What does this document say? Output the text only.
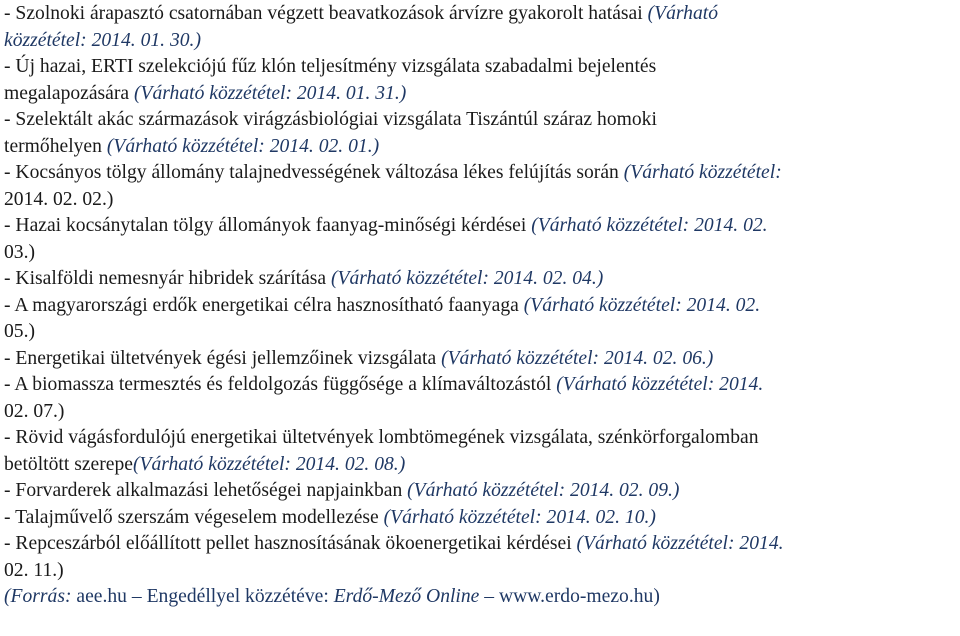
- Szolnoki árapasztó csatornában végzett beavatkozások árvízre gyakorolt hatásai (Várható
közzététel: 2014. 01. 30.)
- Új hazai, ERTI szelekciójú fűz klón teljesítmény vizsgálata szabadalmi bejelentés
megalapozására (Várható közzététel: 2014. 01. 31.)
- Szelektált akác származások virágzásbiológiai vizsgálata Tiszántúl száraz homoki
termőhelyen (Várható közzététel: 2014. 02. 01.)
- Kocsányos tölgy állomány talajnedvességének változása lékes felújítás során (Várható közzététel:
2014. 02. 02.)
- Hazai kocsánytalan tölgy állományok faanyag-minőségi kérdései (Várható közzététel: 2014. 02.
03.)
- Kisalföldi nemesnyár hibridek szárítása (Várható közzététel: 2014. 02. 04.)
- A magyarországi erdők energetikai célra hasznosítható faanyaga (Várható közzététel: 2014. 02.
05.)
- Energetikai ültetvények égési jellemzőinek vizsgálata (Várható közzététel: 2014. 02. 06.)
- A biomassza termesztés és feldolgozás függősége a klímaváltozástól (Várható közzététel: 2014.
02. 07.)
- Rövid vágásfordulójú energetikai ültetvények lombtömegének vizsgálata, szénkörforgalomban
betöltött szerepe(Várható közzététel: 2014. 02. 08.)
- Forvarderek alkalmazási lehetőségei napjainkban (Várható közzététel: 2014. 02. 09.)
- Talajművelő szerszám végeselem modellezése (Várható közzététel: 2014. 02. 10.)
- Repceszárból előállított pellet hasznosításának ökoenergetikai kérdései (Várható közzététel: 2014.
02. 11.)
(Forrás: aee.hu – Engedéllyel közzétéve: Erdő-Mező Online – www.erdo-mezo.hu)
